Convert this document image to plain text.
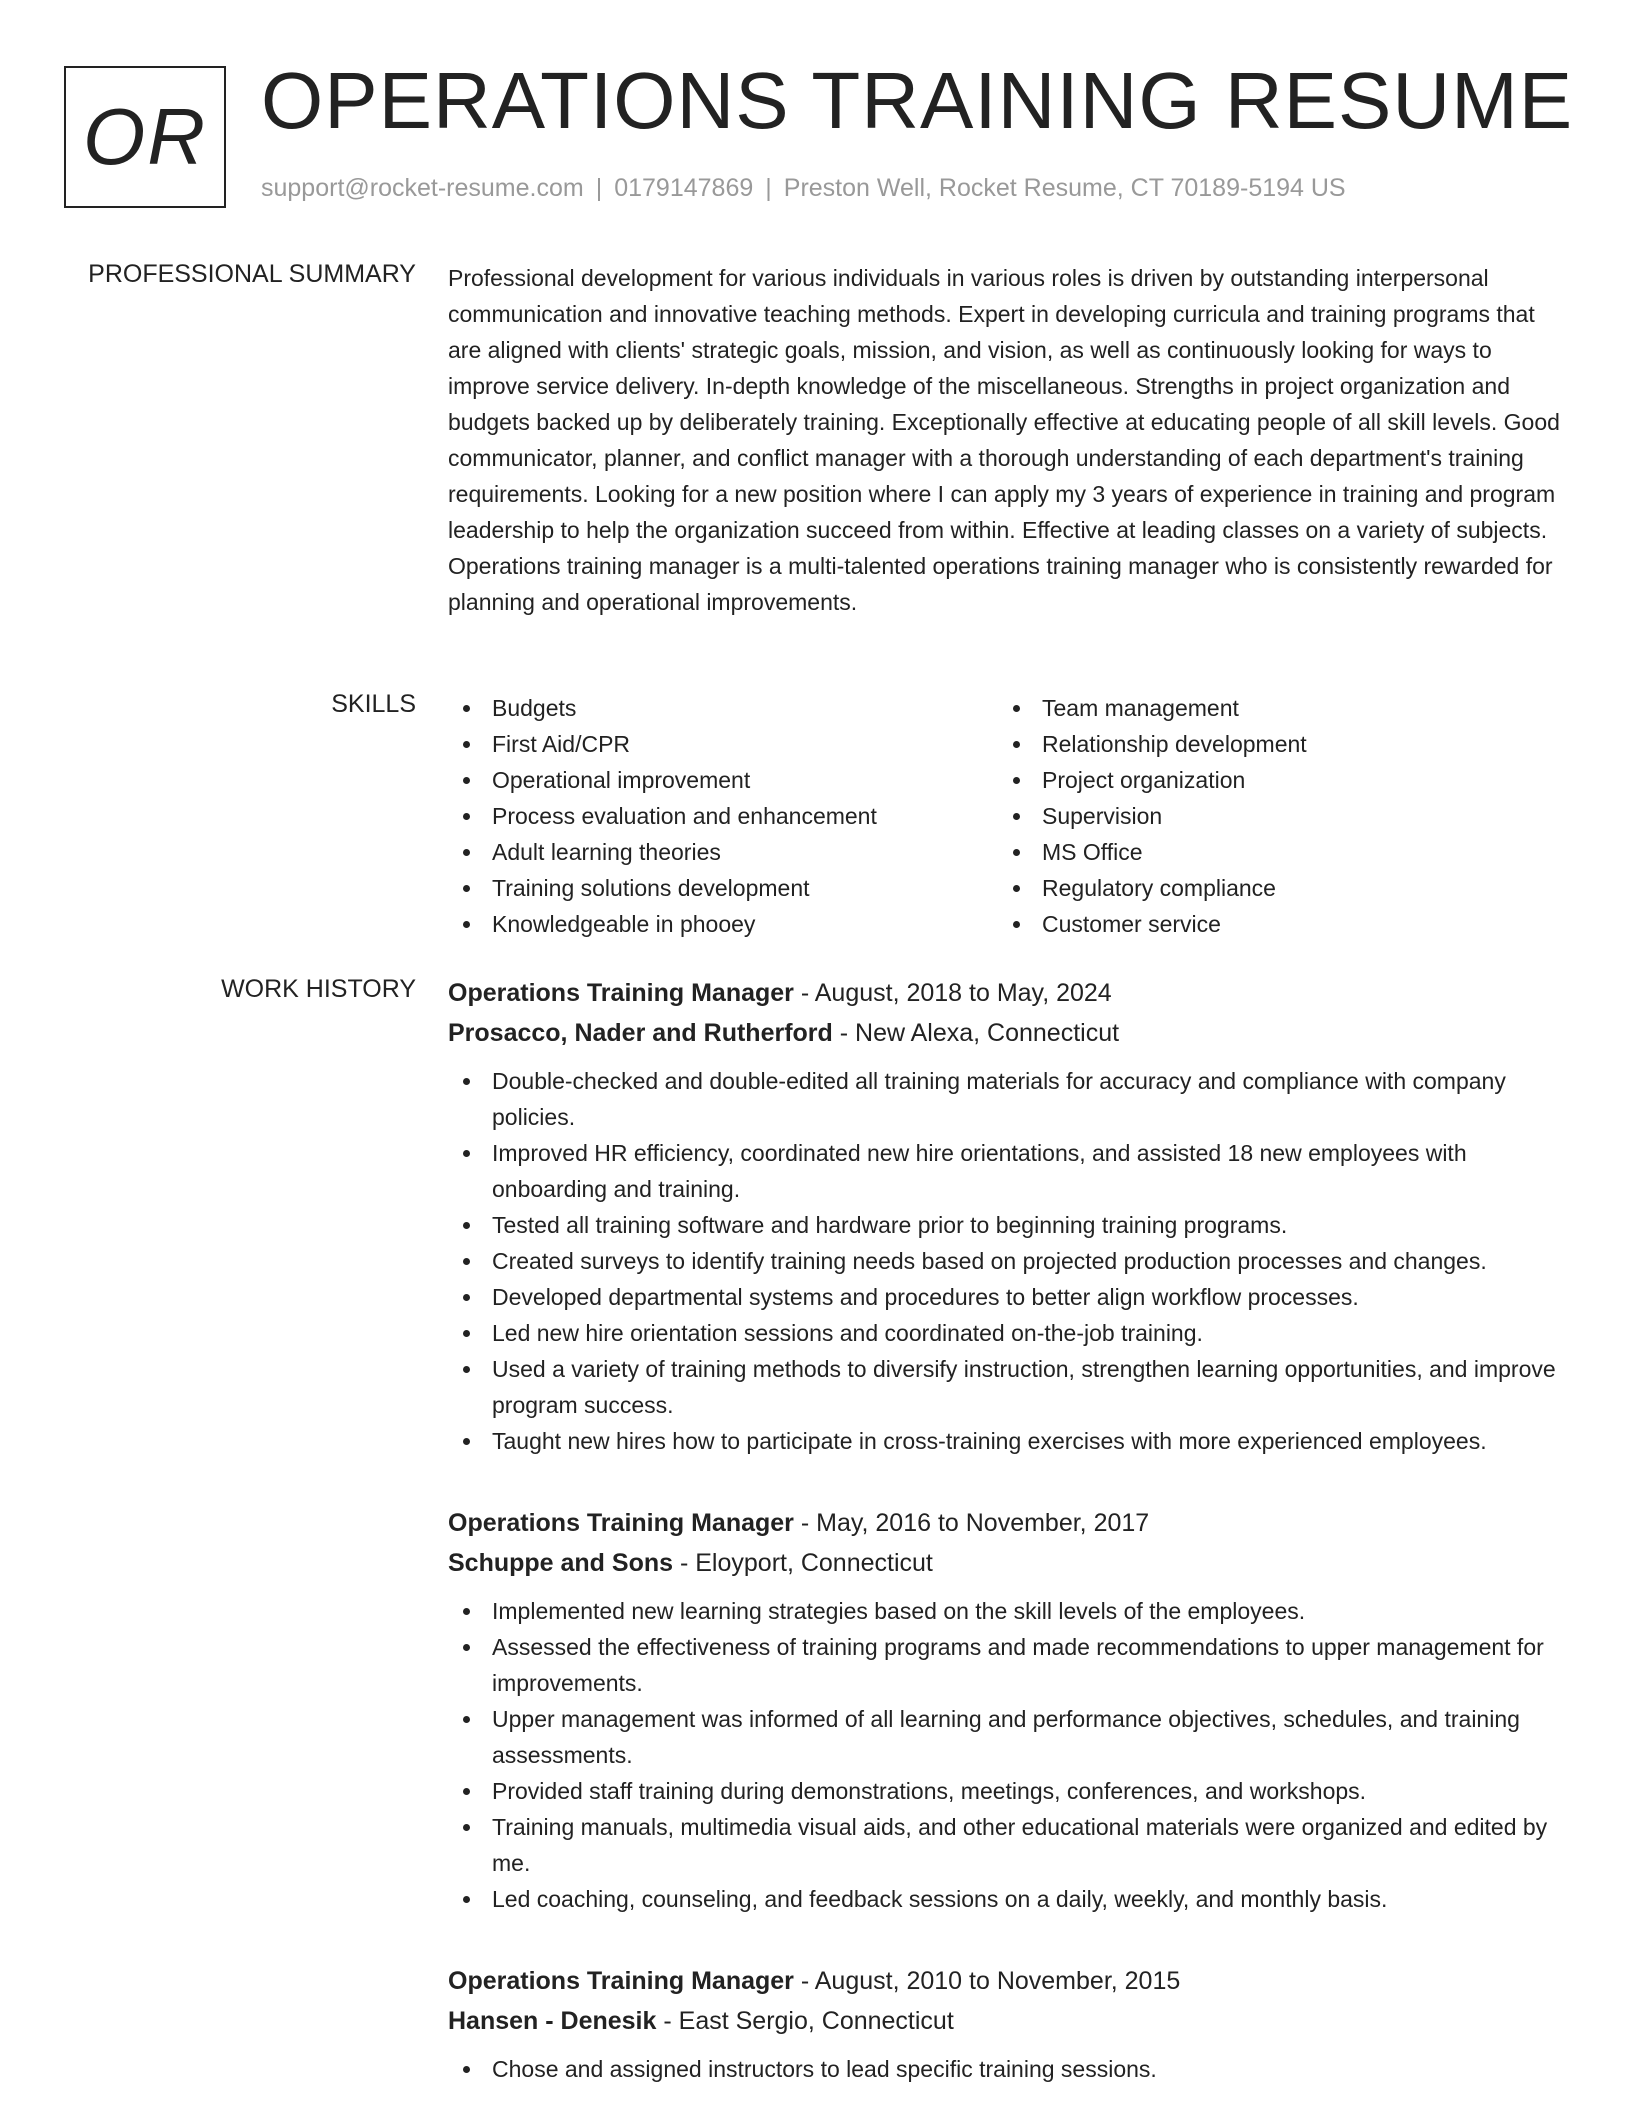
OR OPERATIONS TRAINING RESUME
support@rocket-resume.com | 0179147869 | Preston Well, Rocket Resume, CT 70189-5194 US
PROFESSIONAL SUMMARY Professional development for various individuals in various roles is driven by outstanding interpersonal communication and innovative teaching methods. Expert in developing curricula and training programs that are aligned with clients' strategic goals, mission, and vision, as well as continuously looking for ways to improve service delivery. In-depth knowledge of the miscellaneous. Strengths in project organization and budgets backed up by deliberately training. Exceptionally effective at educating people of all skill levels. Good communicator, planner, and conflict manager with a thorough understanding of each department's training requirements. Looking for a new position where I can apply my 3 years of experience in training and program leadership to help the organization succeed from within. Effective at leading classes on a variety of subjects. Operations training manager is a multi-talented operations training manager who is consistently rewarded for planning and operational improvements.

SKILLS	Budgets
First Aid/CPR
Operational improvement
Process evaluation and enhancement
Adult learning theories
Training solutions development
Knowledgeable in phooey
Team management
Relationship development
Project organization
Supervision
MS Office
Regulatory compliance
Customer service
WORK HISTORY Operations Training Manager - August, 2018 to May, 2024
Prosacco, Nader and Rutherford - New Alexa, Connecticut
Double-checked and double-edited all training materials for accuracy and compliance with company policies.
Improved HR efficiency, coordinated new hire orientations, and assisted 18 new employees with onboarding and training.
Tested all training software and hardware prior to beginning training programs.
Created surveys to identify training needs based on projected production processes and changes.
Developed departmental systems and procedures to better align workflow processes.
Led new hire orientation sessions and coordinated on-the-job training.
Used a variety of training methods to diversify instruction, strengthen learning opportunities, and improve program success.
Taught new hires how to participate in cross-training exercises with more experienced employees.
Operations Training Manager - May, 2016 to November, 2017
Schuppe and Sons - Eloyport, Connecticut
Implemented new learning strategies based on the skill levels of the employees.
Assessed the effectiveness of training programs and made recommendations to upper management for improvements.
Upper management was informed of all learning and performance objectives, schedules, and training assessments.
Provided staff training during demonstrations, meetings, conferences, and workshops.
Training manuals, multimedia visual aids, and other educational materials were organized and edited by me.
Led coaching, counseling, and feedback sessions on a daily, weekly, and monthly basis.
Operations Training Manager - August, 2010 to November, 2015
Hansen - Denesik - East Sergio, Connecticut
Chose and assigned instructors to lead specific training sessions.
